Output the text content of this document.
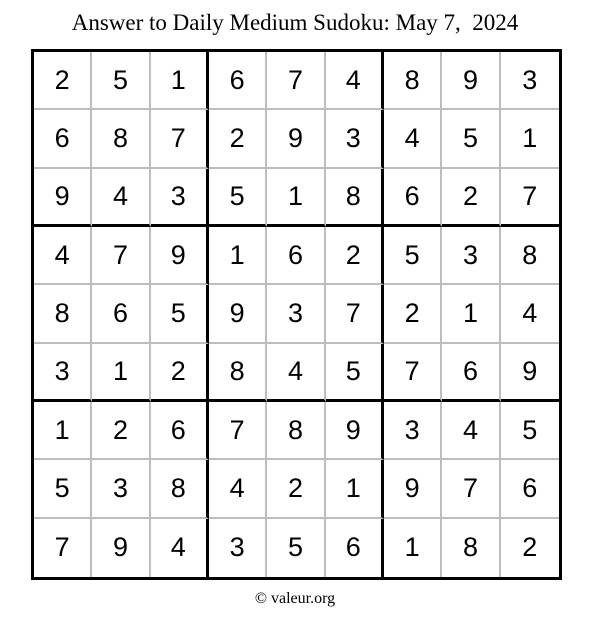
Answer to Daily Medium Sudoku: May 7,  2024
2	5	1	6	7	4	8	9	3
6	8	7	2	9	3	4	5	1
9	4	3	5	1	8	6	2	7
4	7	9	1	6	2	5	3	8
8	6	5	9	3	7	2	1	4
3	1	2	8	4	5	7	6	9
1	2	6	7	8	9	3	4	5
5	3	8	4	2	1	9	7	6
7	9	4	3	5	6	1	8	2
© valeur.org
